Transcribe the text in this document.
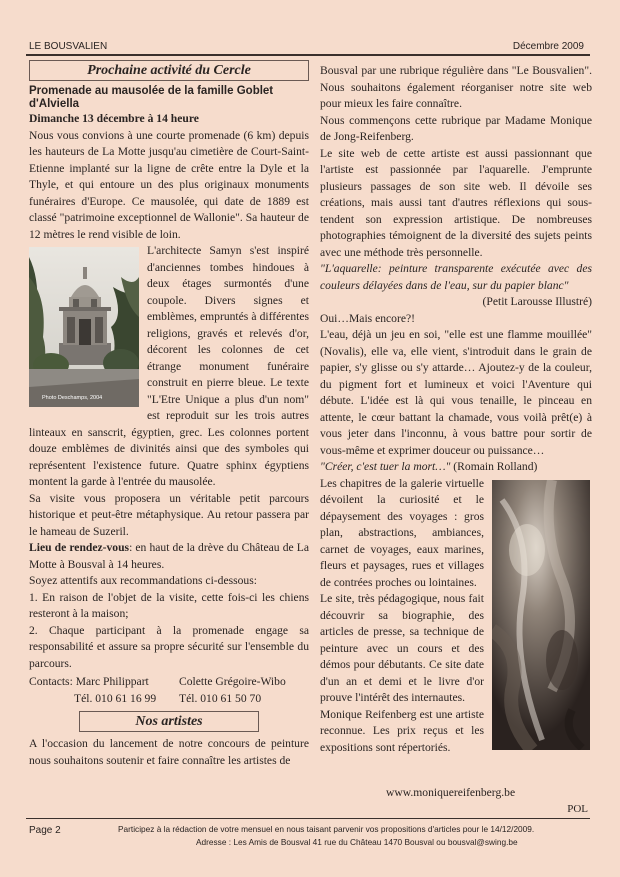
LE BOUSVALIEN	Décembre 2009
Prochaine activité du Cercle
Promenade au mausolée de la famille Goblet d'Alviella

Dimanche 13 décembre à 14 heure

Nous vous convions à une courte promenade (6 km) depuis les hauteurs de La Motte jusqu'au cimetière de Court-Saint-Etienne implanté sur la ligne de crête entre la Dyle et la Thyle, et qui entoure un des plus originaux monuments funéraires d'Europe. Ce mausolée, qui date de 1889 est classé "patrimoine exceptionnel de Wallonie". Sa hauteur de 12 mètres le rend visible de loin.

Photo Deschamps, 2004

L'architecte Samyn s'est inspiré d'anciennes tombes hindoues à deux étages surmontés d'une coupole. Divers signes et emblèmes, empruntés à différentes religions, gravés et relevés d'or, décorent les colonnes de cet étrange monument funéraire construit en pierre bleue. Le texte "L'Etre Unique a plus d'un nom" est reproduit sur les trois autres linteaux en sanscrit, égyptien, grec. Les colonnes portent douze emblèmes de divinités ainsi que des symboles qui représentent l'existence future. Quatre sphinx égyptiens montent la garde à l'entrée du mausolée.

Sa visite vous proposera un véritable petit parcours historique et peut-être métaphysique. Au retour passera par le hameau de Suzeril.

Lieu de rendez-vous: en haut de la drève du Château de La Motte à Bousval à 14 heures.

Soyez attentifs aux recommandations ci-dessous:

1. En raison de l'objet de la visite, cette fois-ci les chiens resteront à la maison;

2. Chaque participant à la promenade engage sa responsabilité et assure sa propre sécurité sur l'ensemble du parcours.

Contacts: Marc Philippart	Colette Grégoire-Wibo
Tél. 010 61 16 99	Tél. 010 61 50 70
Nos artistes

A l'occasion du lancement de notre concours de peinture nous souhaitons soutenir et faire connaître les artistes de

Bousval par une rubrique régulière dans "Le Bousvalien". Nous souhaitons également réorganiser notre site web pour mieux les faire connaître.

Nous commençons cette rubrique par Madame Monique de Jong-Reifenberg.

Le site web de cette artiste est aussi passionnant que l'artiste est passionnée par l'aquarelle. J'emprunte plusieurs passages de son site web. Il dévoile ses créations, mais aussi tant d'autres réflexions qui sous-tendent son expression artistique. De nombreuses photographies témoignent de la diversité des sujets peints avec une méthode très personnelle.

"L'aquarelle: peinture transparente exécutée avec des couleurs délayées dans de l'eau, sur du papier blanc"

(Petit Larousse Illustré)

Oui…Mais encore?!

L'eau, déjà un jeu en soi, "elle est une flamme mouillée" (Novalis), elle va, elle vient, s'introduit dans le grain de papier, s'y glisse ou s'y attarde… Ajoutez-y de la couleur, du pigment fort et lumineux et voici l'Aventure qui débute. L'idée est là qui vous tenaille, le pinceau en attente, le cœur battant la chamade, vous voilà prêt(e) à vous jeter dans l'inconnu, à vous battre pour sortir de vous-même et exprimer douceur ou puissance…

"Créer, c'est tuer la mort…" (Romain Rolland)

Les chapitres de la galerie virtuelle dévoilent la curiosité et le dépaysement des voyages : gros plan, abstractions, ambiances, carnet de voyages, eaux marines, fleurs et paysages, rues et villages de contrées proches ou lointaines.

Le site, très pédagogique, nous fait découvrir sa biographie, des articles de presse, sa technique de peinture avec un cours et des démos pour débutants. Ce site date d'un an et demi et le livre d'or prouve l'intérêt des internautes.

Monique Reifenberg est une artiste reconnue. Les prix reçus et les expositions sont répertoriés.

www.moniquereifenberg.be
POL
Page 2	Participez à la rédaction de votre mensuel en nous taisant parvenir vos propositions d'articles pour le 14/12/2009.
Adresse : Les Amis de Bousval 41 rue du Château 1470 Bousval ou bousval@swing.be
